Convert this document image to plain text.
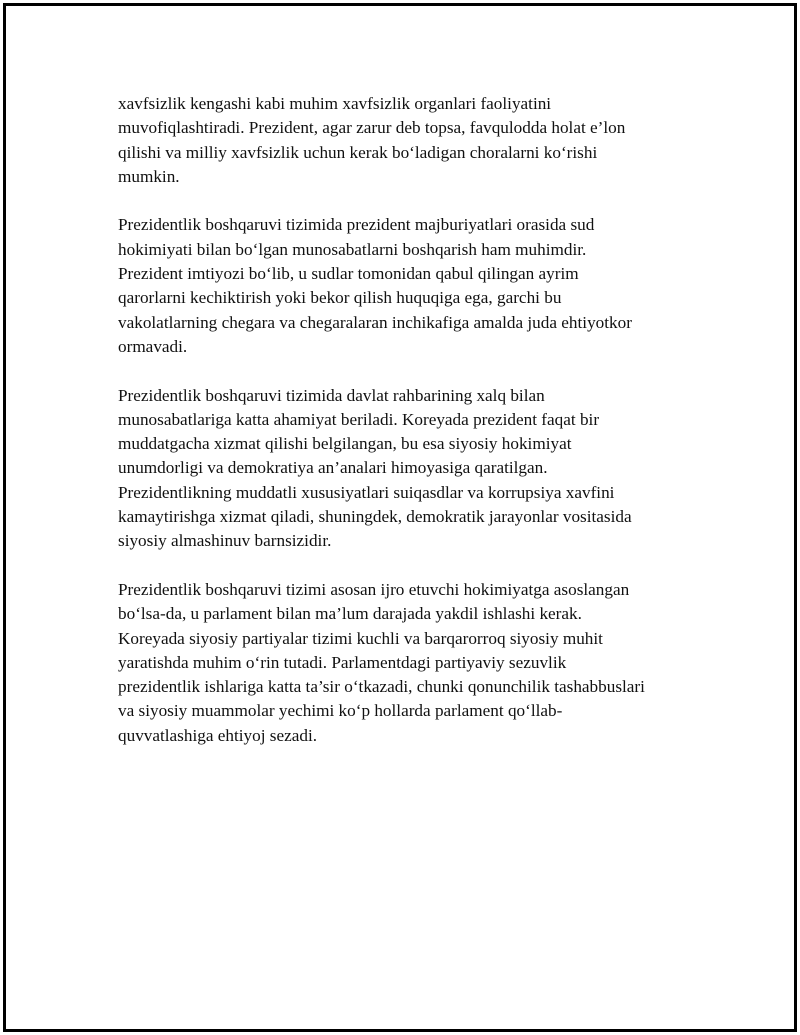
xavfsizlik kengashi kabi muhim xavfsizlik organlari faoliyatini
muvofiqlashtiradi. Prezident, agar zarur deb topsa, favqulodda holat e’lon
qilishi va milliy xavfsizlik uchun kerak bo‘ladigan choralarni ko‘rishi
mumkin.

Prezidentlik boshqaruvi tizimida prezident majburiyatlari orasida sud
hokimiyati bilan bo‘lgan munosabatlarni boshqarish ham muhimdir.
Prezident imtiyozi bo‘lib, u sudlar tomonidan qabul qilingan ayrim
qarorlarni kechiktirish yoki bekor qilish huquqiga ega, garchi bu
vakolatlarning chegara va chegaralaran inchikafiga amalda juda ehtiyotkor
ormavadi.

Prezidentlik boshqaruvi tizimida davlat rahbarining xalq bilan
munosabatlariga katta ahamiyat beriladi. Koreyada prezident faqat bir
muddatgacha xizmat qilishi belgilangan, bu esa siyosiy hokimiyat
unumdorligi va demokratiya an’analari himoyasiga qaratilgan.
Prezidentlikning muddatli xususiyatlari suiqasdlar va korrupsiya xavfini
kamaytirishga xizmat qiladi, shuningdek, demokratik jarayonlar vositasida
siyosiy almashinuv barnsizidir.

Prezidentlik boshqaruvi tizimi asosan ijro etuvchi hokimiyatga asoslangan
bo‘lsa-da, u parlament bilan ma’lum darajada yakdil ishlashi kerak.
Koreyada siyosiy partiyalar tizimi kuchli va barqarorroq siyosiy muhit
yaratishda muhim o‘rin tutadi. Parlamentdagi partiyaviy sezuvlik
prezidentlik ishlariga katta ta’sir o‘tkazadi, chunki qonunchilik tashabbuslari
va siyosiy muammolar yechimi ko‘p hollarda parlament qo‘llab-
quvvatlashiga ehtiyoj sezadi.
